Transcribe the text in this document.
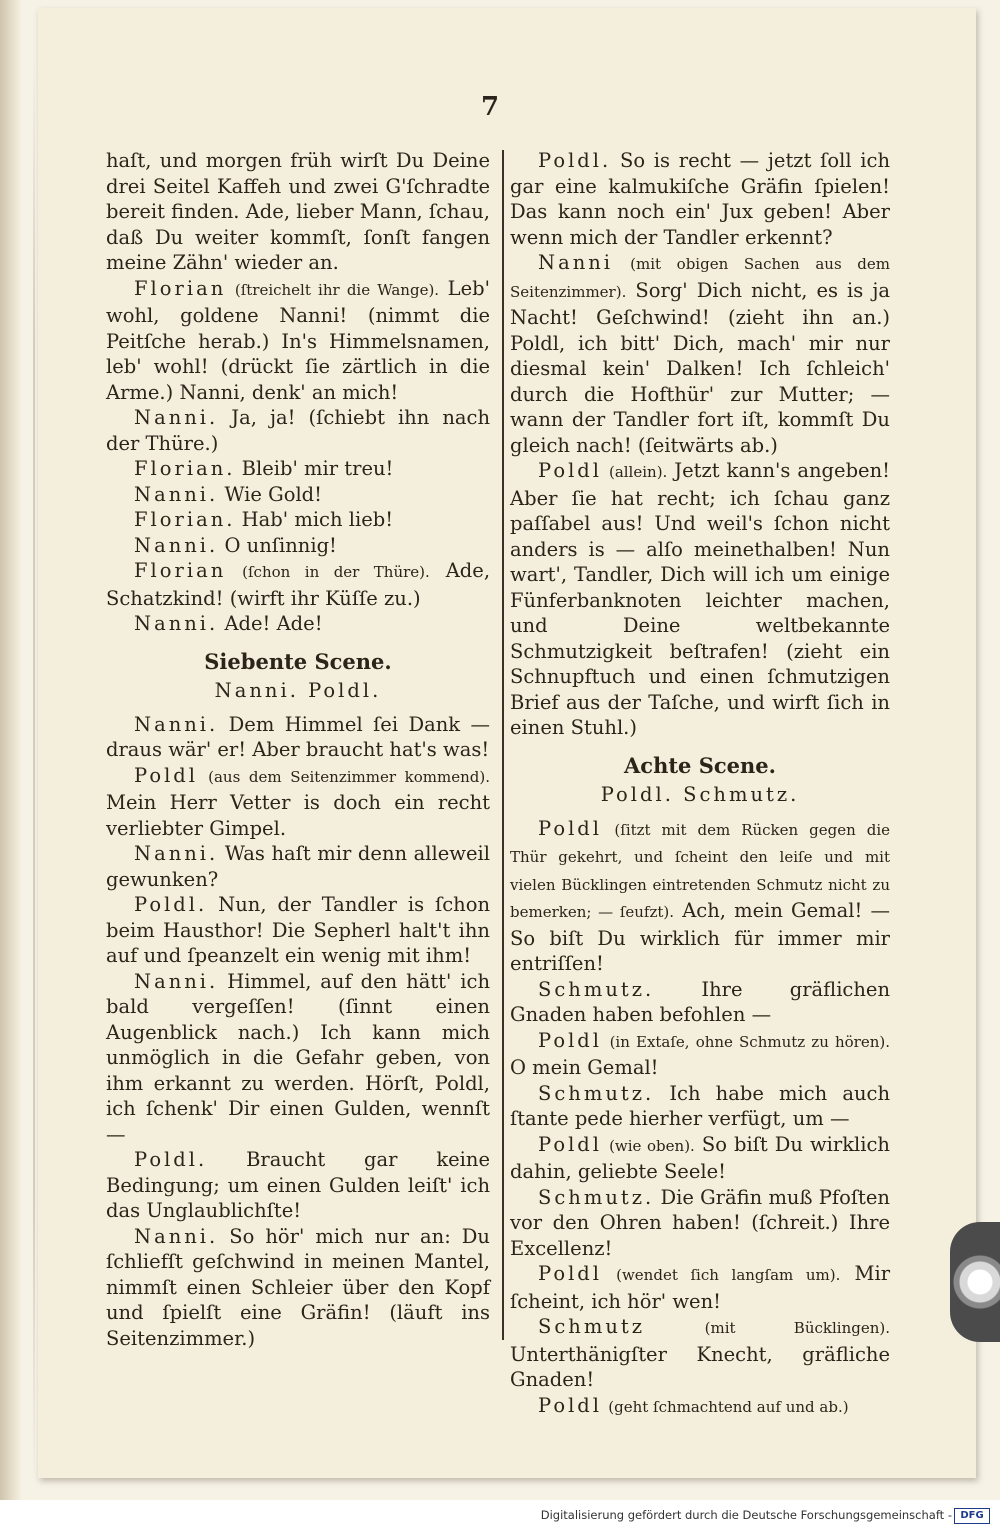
7

haſt, und morgen früh wirſt Du Deine drei Seitel Kaffeh und zwei G'ſchradte bereit finden. Ade, lieber Mann, ſchau, daß Du weiter kommſt, ſonſt fangen meine Zähn' wieder an.

Florian (ſtreichelt ihr die Wange). Leb' wohl, goldene Nanni! (nimmt die Peitſche herab.) In's Himmelsnamen, leb' wohl! (drückt ſie zärtlich in die Arme.) Nanni, denk' an mich!

Nanni. Ja, ja! (ſchiebt ihn nach der Thüre.)

Florian. Bleib' mir treu!

Nanni. Wie Gold!

Florian. Hab' mich lieb!

Nanni. O unſinnig!

Florian (ſchon in der Thüre). Ade, Schatzkind! (wirft ihr Küſſe zu.)

Nanni. Ade! Ade!

Siebente Scene.
Nanni. Poldl.

Nanni. Dem Himmel ſei Dank — draus wär' er! Aber braucht hat's was!

Poldl (aus dem Seitenzimmer kommend). Mein Herr Vetter is doch ein recht verliebter Gimpel.

Nanni. Was haſt mir denn alleweil gewunken?

Poldl. Nun, der Tandler is ſchon beim Hausthor! Die Sepherl halt't ihn auf und ſpeanzelt ein wenig mit ihm!

Nanni. Himmel, auf den hätt' ich bald vergeſſen! (ſinnt einen Augenblick nach.) Ich kann mich unmöglich in die Gefahr geben, von ihm erkannt zu werden. Hörſt, Poldl, ich ſchenk' Dir einen Gulden, wennſt —

Poldl. Braucht gar keine Bedingung; um einen Gulden leiſt' ich das Unglaublichſte!

Nanni. So hör' mich nur an: Du ſchliefſt geſchwind in meinen Mantel, nimmſt einen Schleier über den Kopf und ſpielſt eine Gräfin! (läuft ins Seitenzimmer.)

Poldl. So is recht — jetzt ſoll ich gar eine kalmukiſche Gräfin ſpielen! Das kann noch ein' Jux geben! Aber wenn mich der Tandler erkennt?

Nanni (mit obigen Sachen aus dem Seitenzimmer). Sorg' Dich nicht, es is ja Nacht! Geſchwind! (zieht ihn an.) Poldl, ich bitt' Dich, mach' mir nur diesmal kein' Dalken! Ich ſchleich' durch die Hofthür' zur Mutter; — wann der Tandler fort iſt, kommſt Du gleich nach! (ſeitwärts ab.)

Poldl (allein). Jetzt kann's angeben! Aber ſie hat recht; ich ſchau ganz paſſabel aus! Und weil's ſchon nicht anders is — alſo meinethalben! Nun wart', Tandler, Dich will ich um einige Fünferbanknoten leichter machen, und Deine weltbekannte Schmutzigkeit beſtrafen! (zieht ein Schnupftuch und einen ſchmutzigen Brief aus der Taſche, und wirft ſich in einen Stuhl.)

Achte Scene.
Poldl. Schmutz.

Poldl (ſitzt mit dem Rücken gegen die Thür gekehrt, und ſcheint den leiſe und mit vielen Bücklingen eintretenden Schmutz nicht zu bemerken; — ſeufzt). Ach, mein Gemal! — So biſt Du wirklich für immer mir entriſſen!

Schmutz. Ihre gräflichen Gnaden haben befohlen —

Poldl (in Extaſe, ohne Schmutz zu hören). O mein Gemal!

Schmutz. Ich habe mich auch ſtante pede hierher verfügt, um —

Poldl (wie oben). So biſt Du wirklich dahin, geliebte Seele!

Schmutz. Die Gräfin muß Pfoſten vor den Ohren haben! (ſchreit.) Ihre Excellenz!

Poldl (wendet ſich langſam um). Mir ſcheint, ich hör' wen!

Schmutz	(mit Bücklingen). Unterthänigſter Knecht, gräfliche Gnaden!

Poldl (geht ſchmachtend auf und ab.)

Digitalisierung gefördert durch die Deutsche Forschungsgemeinschaft - DFG
